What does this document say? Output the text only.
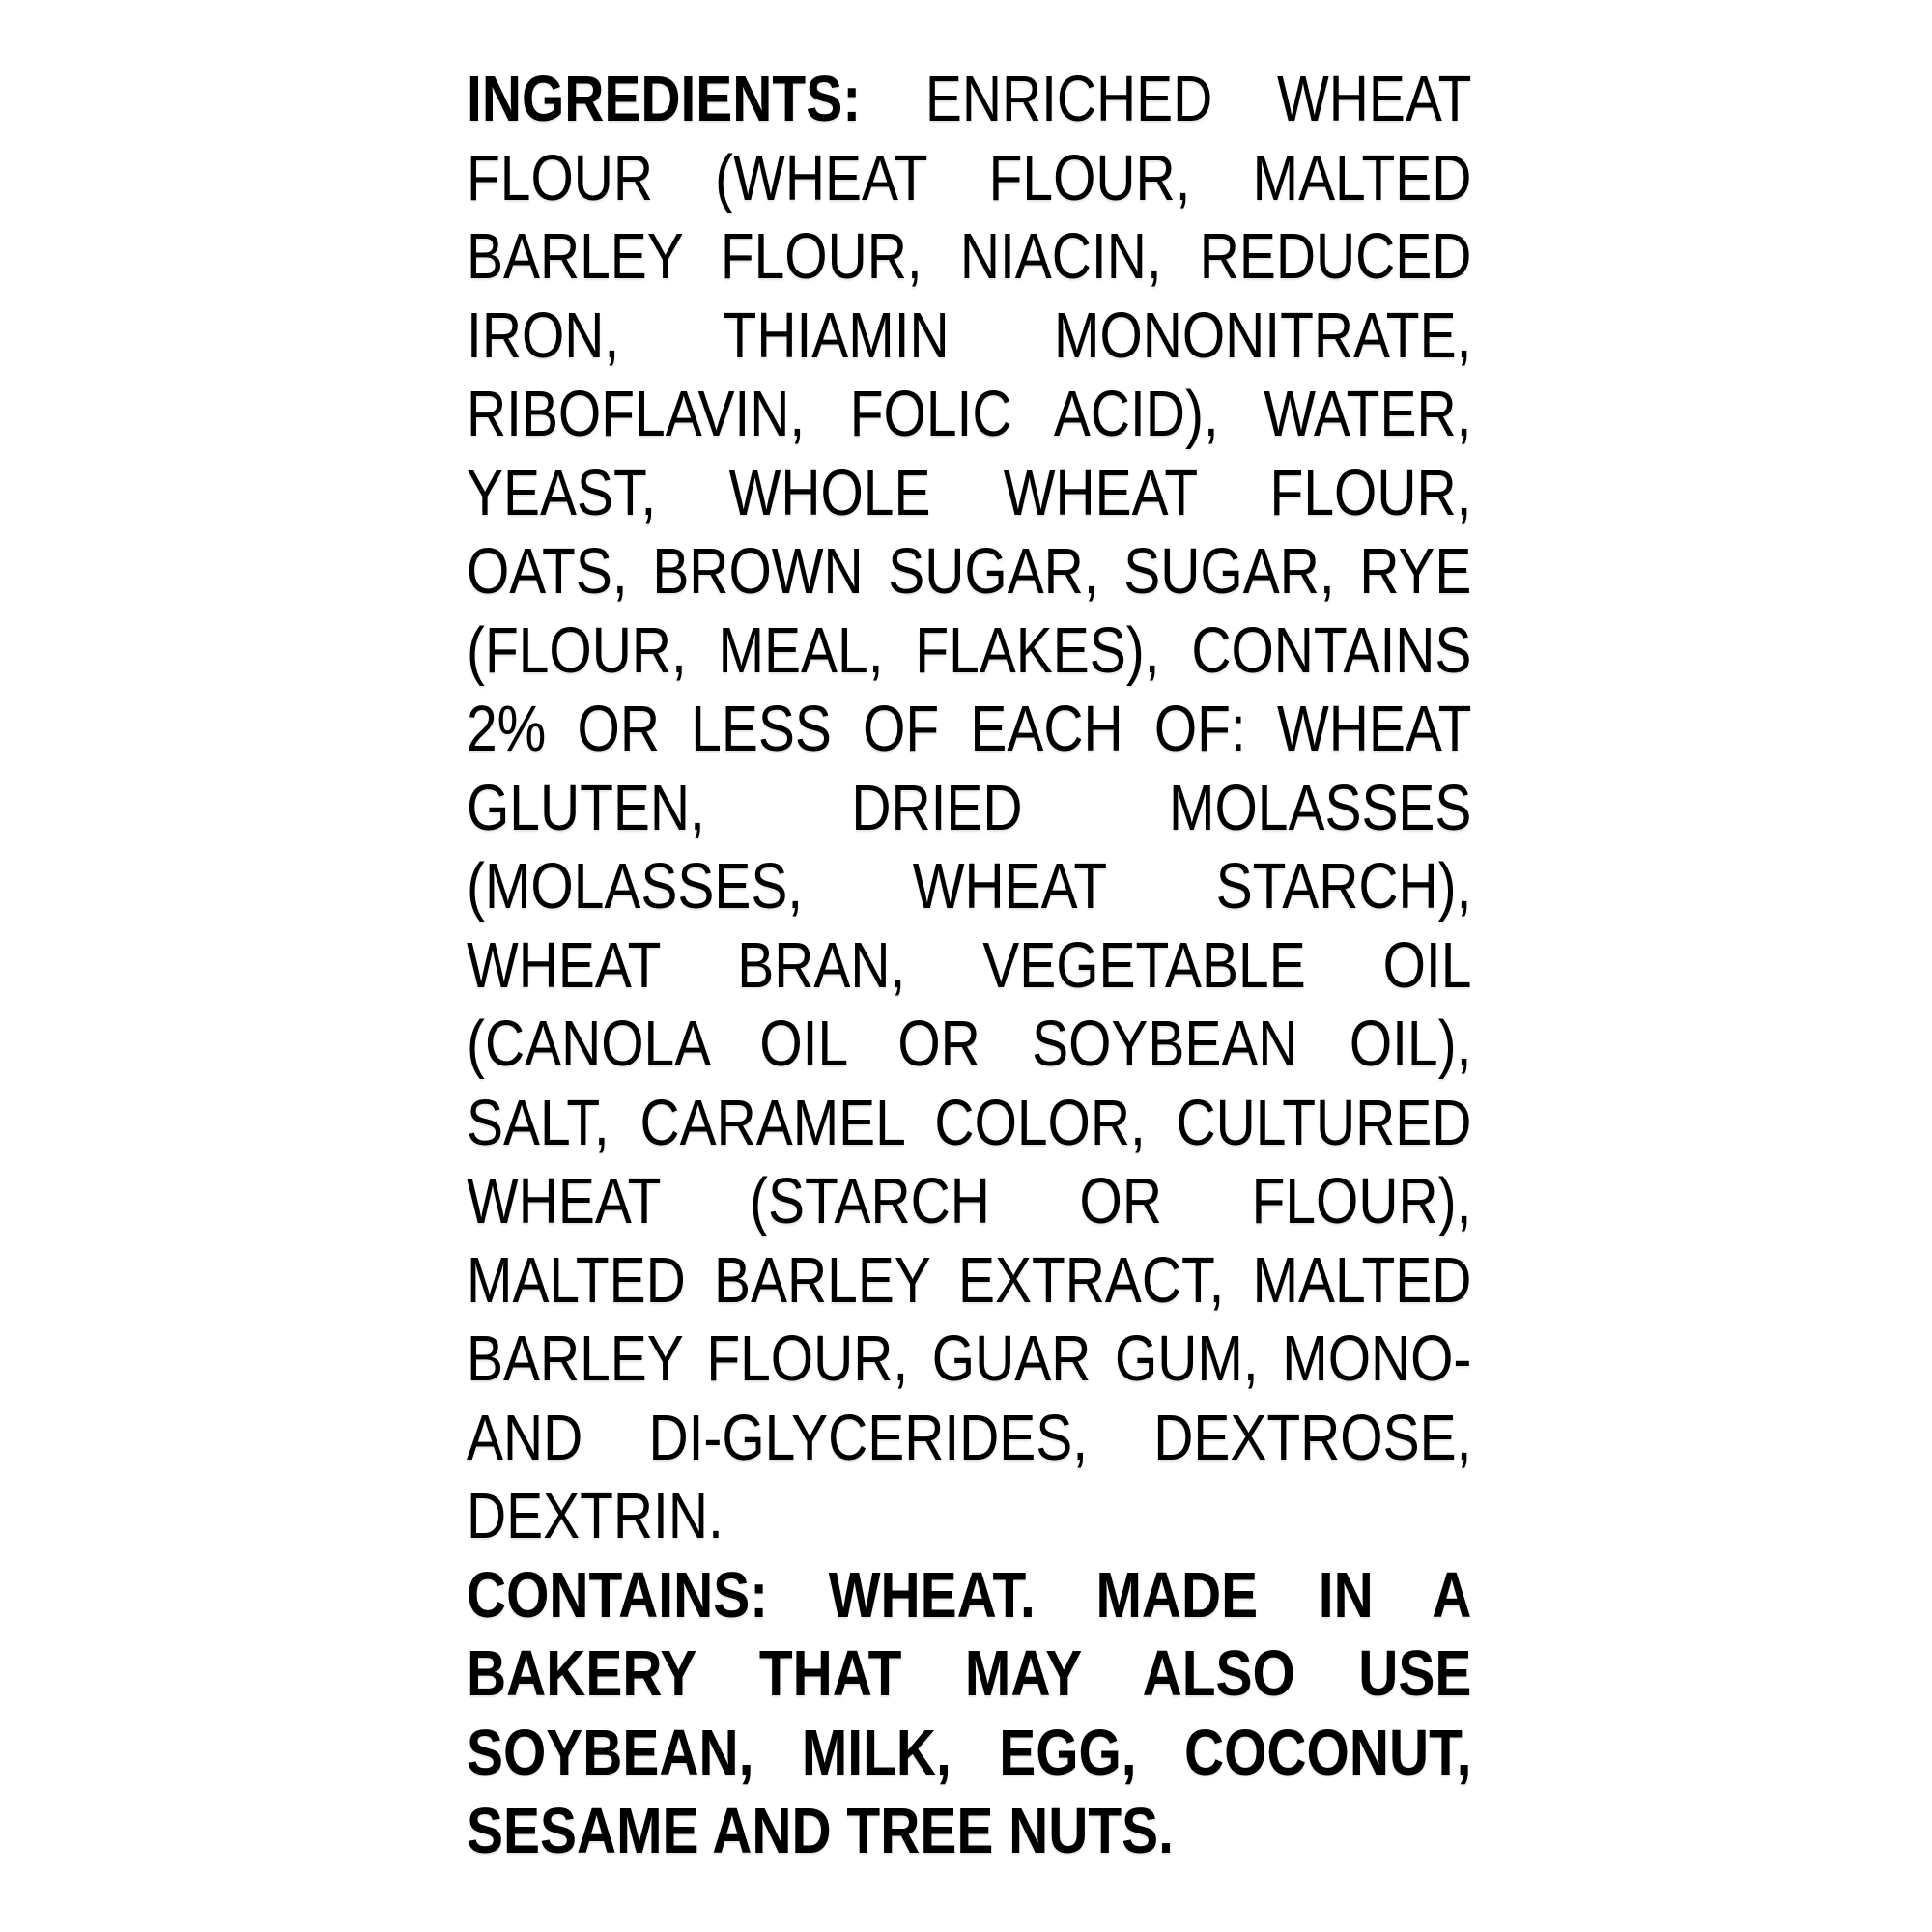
INGREDIENTS: ENRICHED WHEAT
FLOUR (WHEAT FLOUR, MALTED
BARLEY FLOUR, NIACIN, REDUCED
IRON, THIAMIN MONONITRATE,
RIBOFLAVIN, FOLIC ACID), WATER,
YEAST, WHOLE WHEAT FLOUR,
OATS, BROWN SUGAR, SUGAR, RYE
(FLOUR, MEAL, FLAKES), CONTAINS
2% OR LESS OF EACH OF: WHEAT
GLUTEN, DRIED MOLASSES
(MOLASSES, WHEAT STARCH),
WHEAT BRAN, VEGETABLE OIL
(CANOLA OIL OR SOYBEAN OIL),
SALT, CARAMEL COLOR, CULTURED
WHEAT (STARCH OR FLOUR),
MALTED BARLEY EXTRACT, MALTED
BARLEY FLOUR, GUAR GUM, MONO-
AND DI-GLYCERIDES, DEXTROSE,
DEXTRIN.
CONTAINS: WHEAT. MADE IN A
BAKERY THAT MAY ALSO USE
SOYBEAN, MILK, EGG, COCONUT,
SESAME AND TREE NUTS.
